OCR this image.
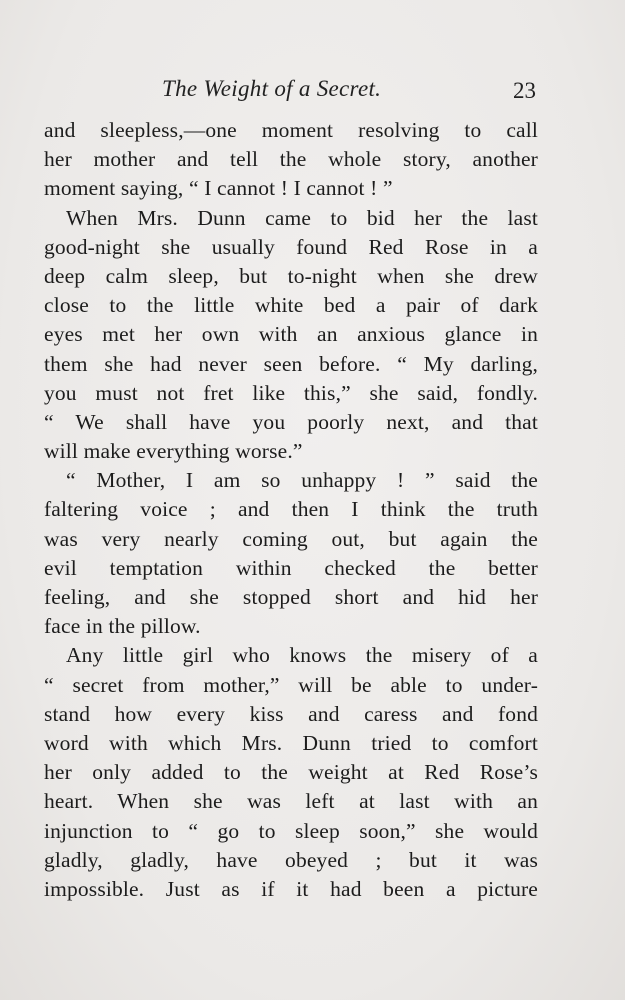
The Weight of a Secret.	23
and sleepless,—one moment resolving to call
her mother and tell the whole story, another
moment saying, “ I cannot ! I cannot ! ”
When Mrs. Dunn came to bid her the last
good-night she usually found Red Rose in a
deep calm sleep, but to-night when she drew
close to the little white bed a pair of dark
eyes met her own with an anxious glance in
them she had never seen before. “ My darling,
you must not fret like this,” she said, fondly.
“ We shall have you poorly next, and that
will make everything worse.”
“ Mother, I am so unhappy ! ” said the
faltering voice ; and then I think the truth
was very nearly coming out, but again the
evil temptation within checked the better
feeling, and she stopped short and hid her
face in the pillow.
Any little girl who knows the misery of a
“ secret from mother,” will be able to under-
stand how every kiss and caress and fond
word with which Mrs. Dunn tried to comfort
her only added to the weight at Red Rose’s
heart. When she was left at last with an
injunction to “ go to sleep soon,” she would
gladly, gladly, have obeyed ; but it was
impossible. Just as if it had been a picture
